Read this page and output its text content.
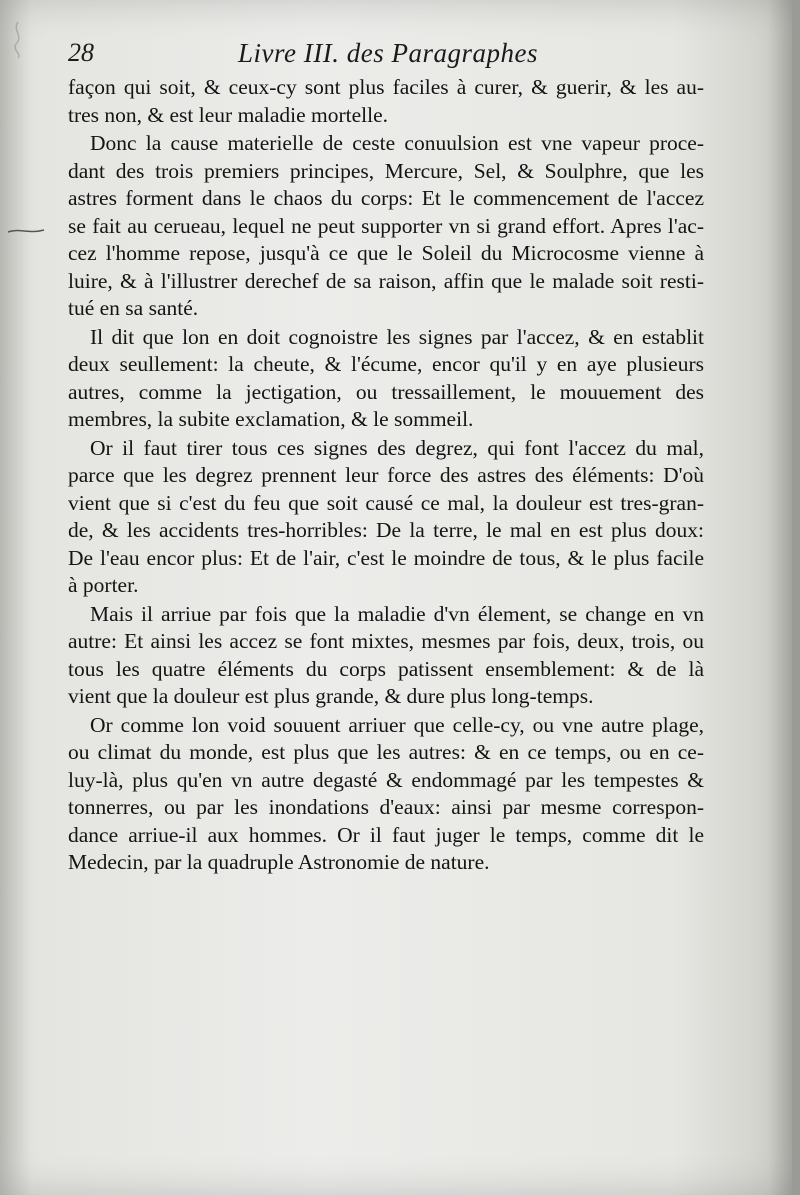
28	Livre III. des Paragraphes
façon qui soit, & ceux-cy sont plus faciles à curer, & guerir, & les au-
tres non, & est leur maladie mortelle.
Donc la cause materielle de ceste conuulsion est vne vapeur proce-
dant des trois premiers principes, Mercure, Sel, & Soulphre, que les
astres forment dans le chaos du corps: Et le commencement de l'accez
se fait au cerueau, lequel ne peut supporter vn si grand effort. Apres l'ac-
cez l'homme repose, jusqu'à ce que le Soleil du Microcosme vienne à
luire, & à l'illustrer derechef de sa raison, affin que le malade soit resti-
tué en sa santé.
Il dit que lon en doit cognoistre les signes par l'accez, & en establit
deux seullement: la cheute, & l'écume, encor qu'il y en aye plusieurs
autres, comme la jectigation, ou tressaillement, le mouuement des
membres, la subite exclamation, & le sommeil.
Or il faut tirer tous ces signes des degrez, qui font l'accez du mal,
parce que les degrez prennent leur force des astres des éléments: D'où
vient que si c'est du feu que soit causé ce mal, la douleur est tres-gran-
de, & les accidents tres-horribles: De la terre, le mal en est plus doux:
De l'eau encor plus: Et de l'air, c'est le moindre de tous, & le plus facile
à porter.
Mais il arriue par fois que la maladie d'vn élement, se change en vn
autre: Et ainsi les accez se font mixtes, mesmes par fois, deux, trois, ou
tous les quatre éléments du corps patissent ensemblement: & de là
vient que la douleur est plus grande, & dure plus long-temps.
Or comme lon void souuent arriuer que celle-cy, ou vne autre plage,
ou climat du monde, est plus que les autres: & en ce temps, ou en ce-
luy-là, plus qu'en vn autre degasté & endommagé par les tempestes &
tonnerres, ou par les inondations d'eaux: ainsi par mesme correspon-
dance arriue-il aux hommes. Or il faut juger le temps, comme dit le
Medecin, par la quadruple Astronomie de nature.
